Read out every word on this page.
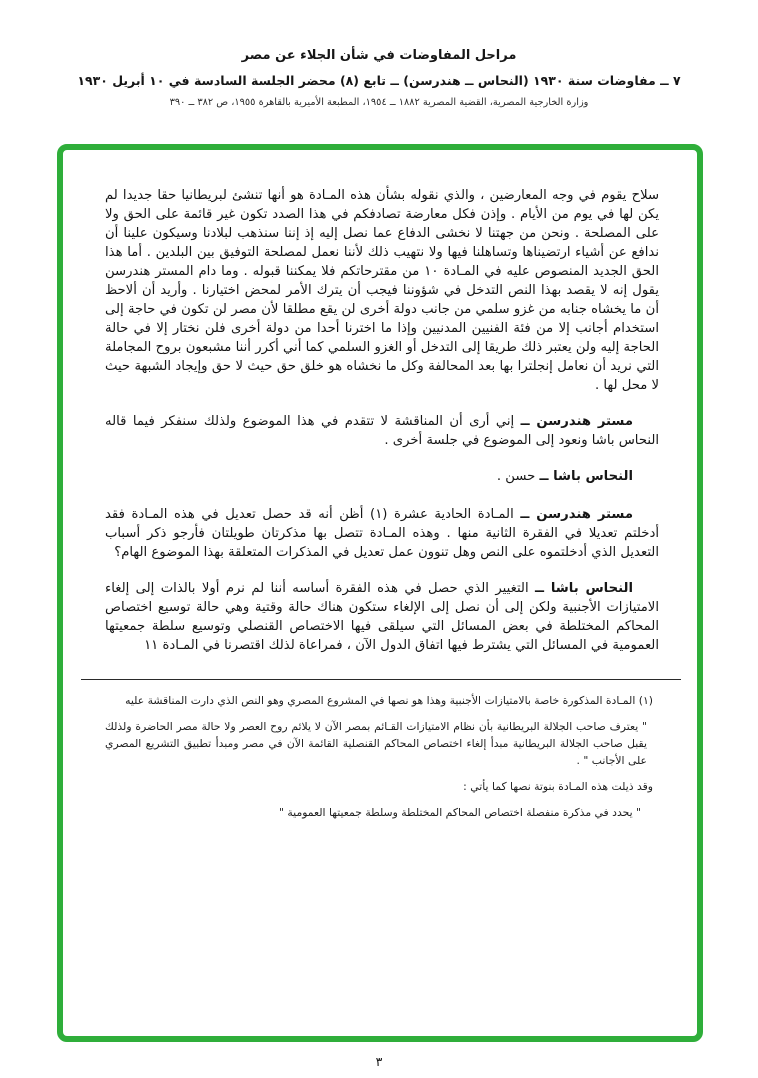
مراحل المفاوضات في شأن الجلاء عن مصر
٧ ــ مفاوضات سنة ١٩٣٠ (النحاس ــ هندرسن) ــ تابع (٨) محضر الجلسة السادسة في ١٠ أبريل ١٩٣٠
وزارة الخارجية المصرية، القضية المصرية ١٨٨٢ ــ ١٩٥٤، المطبعة الأميرية بالقاهرة ١٩٥٥، ص ٣٨٢ ــ ٣٩٠

سلاح يقوم في وجه المعارضين ، والذي نقوله بشأن هذه المـادة هو أنها تنشئ لبريطانيا حقا جديدا لم يكن لها في يوم من الأيام . وإذن فكل معارضة تصادفكم في هذا الصدد تكون غير قائمة على الحق ولا على المصلحة . ونحن من جهتنا لا نخشى الدفاع عما نصل إليه إذ إننا سنذهب لبلادنا وسيكون علينا أن ندافع عن أشياء ارتضيناها وتساهلنا فيها ولا نتهيب ذلك لأننا نعمل لمصلحة التوفيق بين البلدين . أما هذا الحق الجديد المنصوص عليه في المـادة ١٠ من مقترحاتكم فلا يمكننا قبوله . وما دام المستر هندرسن يقول إنه لا يقصد بهذا النص التدخل في شؤوننا فيجب أن يترك الأمر لمحض اختيارنا . وأريد أن ألاحظ أن ما يخشاه جنابه من غزو سلمي من جانب دولة أخرى لن يقع مطلقا لأن مصر لن تكون في حاجة إلى استخدام أجانب إلا من فئة الفنيين المدنيين وإذا ما اخترنا أحدا من دولة أخرى فلن نختار إلا في حالة الحاجة إليه ولن يعتبر ذلك طريقا إلى التدخل أو الغزو السلمي كما أني أكرر أننا مشبعون بروح المجاملة التي نريد أن نعامل إنجلترا بها بعد المحالفة وكل ما نخشاه هو خلق حق حيث لا حق وإيجاد الشبهة حيث لا محل لها .

مستر هندرسن ــ إني أرى أن المناقشة لا تتقدم في هذا الموضوع ولذلك سنفكر فيما قاله النحاس باشا ونعود إلى الموضوع في جلسة أخرى .

النحاس باشا ــ حسن .

مستر هندرسن ــ المـادة الحادية عشرة (١) أظن أنه قد حصل تعديل في هذه المـادة فقد أدخلتم تعديلا في الفقرة الثانية منها . وهذه المـادة تتصل بها مذكرتان طويلتان فأرجو ذكر أسباب التعديل الذي أدخلتموه على النص وهل تنوون عمل تعديل في المذكرات المتعلقة بهذا الموضوع الهام؟

النحاس باشا ــ التغيير الذي حصل في هذه الفقرة أساسه أننا لم نرم أولا بالذات إلى إلغاء الامتيازات الأجنبية ولكن إلى أن نصل إلى الإلغاء ستكون هناك حالة وقتية وهي حالة توسيع اختصاص المحاكم المختلطة في بعض المسائل التي سيلقى فيها الاختصاص القنصلي وتوسيع سلطة جمعيتها العمومية في المسائل التي يشترط فيها اتفاق الدول الآن ، فمراعاة لذلك اقتصرنا في المـادة ١١

(١) المـادة المذكورة خاصة بالامتيازات الأجنبية وهذا هو نصها في المشروع المصري وهو النص الذي دارت المناقشة عليه

" يعترف صاحب الجلالة البريطانية بأن نظام الامتيازات القـائم بمصر الآن لا يلائم روح العصر ولا حالة مصر الحاضرة ولذلك يقبل صاحب الجلالة البريطانية مبدأ إلغاء اختصاص المحاكم القنصلية القائمة الآن في مصر ومبدأ تطبيق التشريع المصري على الأجانب " .

وقد ذيلت هذه المـادة بنوتة نصها كما يأتي :

" يحدد في مذكرة منفصلة اختصاص المحاكم المختلطة وسلطة جمعيتها العمومية "

٣
